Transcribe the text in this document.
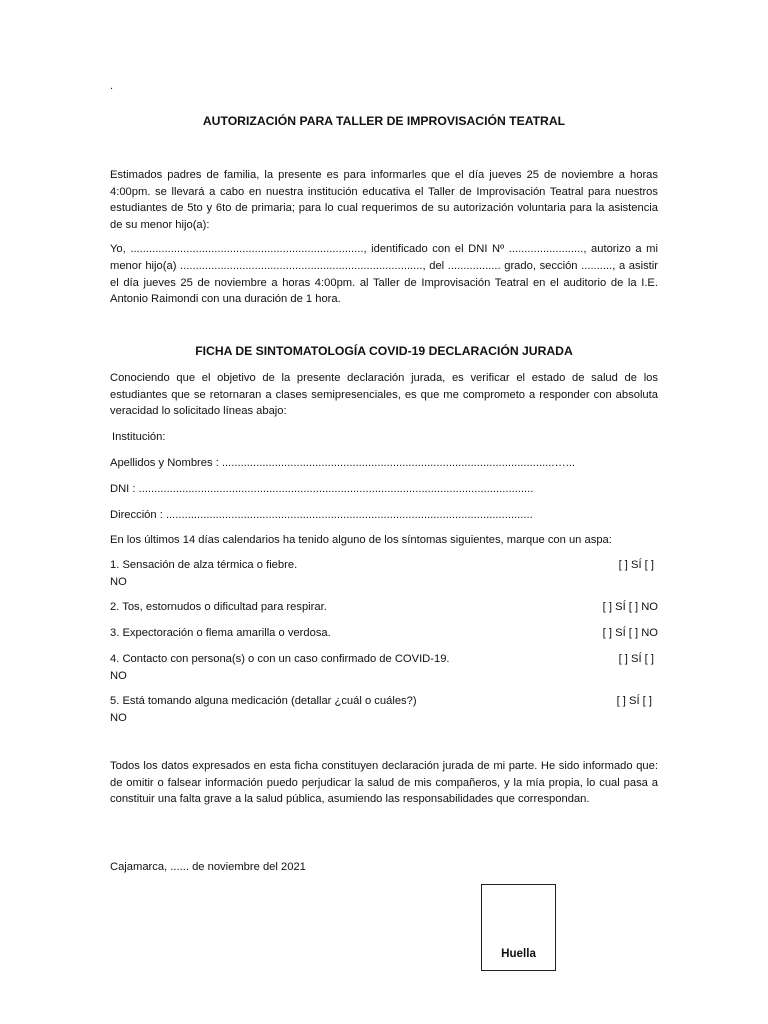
.
AUTORIZACIÓN PARA TALLER DE IMPROVISACIÓN TEATRAL
Estimados padres de familia, la presente es para informarles que el día jueves 25 de noviembre a horas 4:00pm. se llevará a cabo en nuestra institución educativa el Taller de Improvisación Teatral para nuestros estudiantes de 5to y 6to de primaria; para lo cual requerimos de su autorización voluntaria para la asistencia de su menor hijo(a):
Yo, ..........................................................................., identificado con el DNI Nº ........................, autorizo a mi
menor hijo(a) .............................................................................., del ................. grado, sección .........., a asistir
el día jueves 25 de noviembre a horas 4:00pm. al Taller de Improvisación Teatral en el auditorio de la I.E.
Antonio Raimondi con una duración de 1 hora.
FICHA DE SINTOMATOLOGÍA COVID-19 DECLARACIÓN JURADA
Conociendo que el objetivo de la presente declaración jurada, es verificar el estado de salud de los estudiantes que se retornaran a clases semipresenciales, es que me comprometo a responder con absoluta veracidad lo solicitado líneas abajo:
Institución:
Apellidos y Nombres : ...........................................................................................................…...
DNI : ...............................................................................................................................
Dirección : ......................................................................................................................
En los últimos 14 días calendarios ha tenido alguno de los síntomas siguientes, marque con un aspa:
1. Sensación de alza térmica o fiebre.	[ ] SÍ [ ]
NO
2. Tos, estornudos o dificultad para respirar.	[ ] SÍ [ ] NO
3. Expectoración o flema amarilla o verdosa.	[ ] SÍ [ ] NO
4. Contacto con persona(s) o con un caso confirmado de COVID-19.	[ ] SÍ [ ]
NO
5. Está tomando alguna medicación (detallar ¿cuál o cuáles?)	[ ] SÍ [ ]
NO
Todos los datos expresados en esta ficha constituyen declaración jurada de mi parte. He sido informado que: de omitir o falsear información puedo perjudicar la salud de mis compañeros, y la mía propia, lo cual pasa a constituir una falta grave a la salud pública, asumiendo las responsabilidades que correspondan.
Cajamarca, ...... de noviembre del 2021
Huella
